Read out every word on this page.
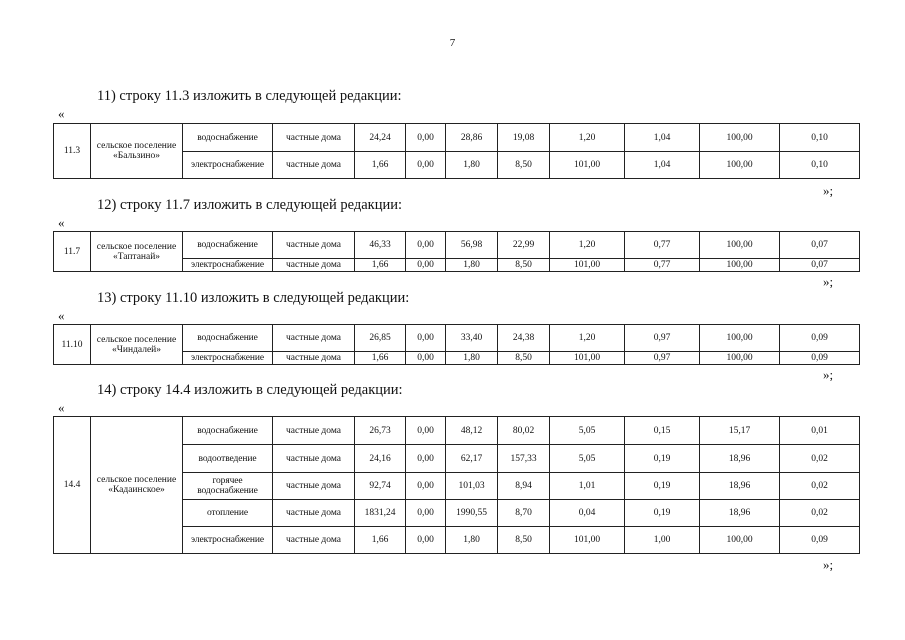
7
11) строку 11.3 изложить в следующей редакции:
«
11.3	сельское поселение «Бальзино»	водоснабжение	частные дома	24,24	0,00	28,86	19,08	1,20	1,04	100,00	0,10
		электроснабжение	частные дома	1,66	0,00	1,80	8,50	101,00	1,04	100,00	0,10
»;
12) строку 11.7 изложить в следующей редакции:
«
11.7	сельское поселение «Таптанай»	водоснабжение	частные дома	46,33	0,00	56,98	22,99	1,20	0,77	100,00	0,07
		электроснабжение	частные дома	1,66	0,00	1,80	8,50	101,00	0,77	100,00	0,07
»;
13) строку 11.10 изложить в следующей редакции:
«
11.10	сельское поселение «Чиндалей»	водоснабжение	частные дома	26,85	0,00	33,40	24,38	1,20	0,97	100,00	0,09
		электроснабжение	частные дома	1,66	0,00	1,80	8,50	101,00	0,97	100,00	0,09
»;
14) строку 14.4 изложить в следующей редакции:
«
14.4	сельское поселение «Кадаинское»	водоснабжение	частные дома	26,73	0,00	48,12	80,02	5,05	0,15	15,17	0,01
		водоотведение	частные дома	24,16	0,00	62,17	157,33	5,05	0,19	18,96	0,02
		горячее водоснабжение	частные дома	92,74	0,00	101,03	8,94	1,01	0,19	18,96	0,02
		отопление	частные дома	1831,24	0,00	1990,55	8,70	0,04	0,19	18,96	0,02
		электроснабжение	частные дома	1,66	0,00	1,80	8,50	101,00	1,00	100,00	0,09
»;
